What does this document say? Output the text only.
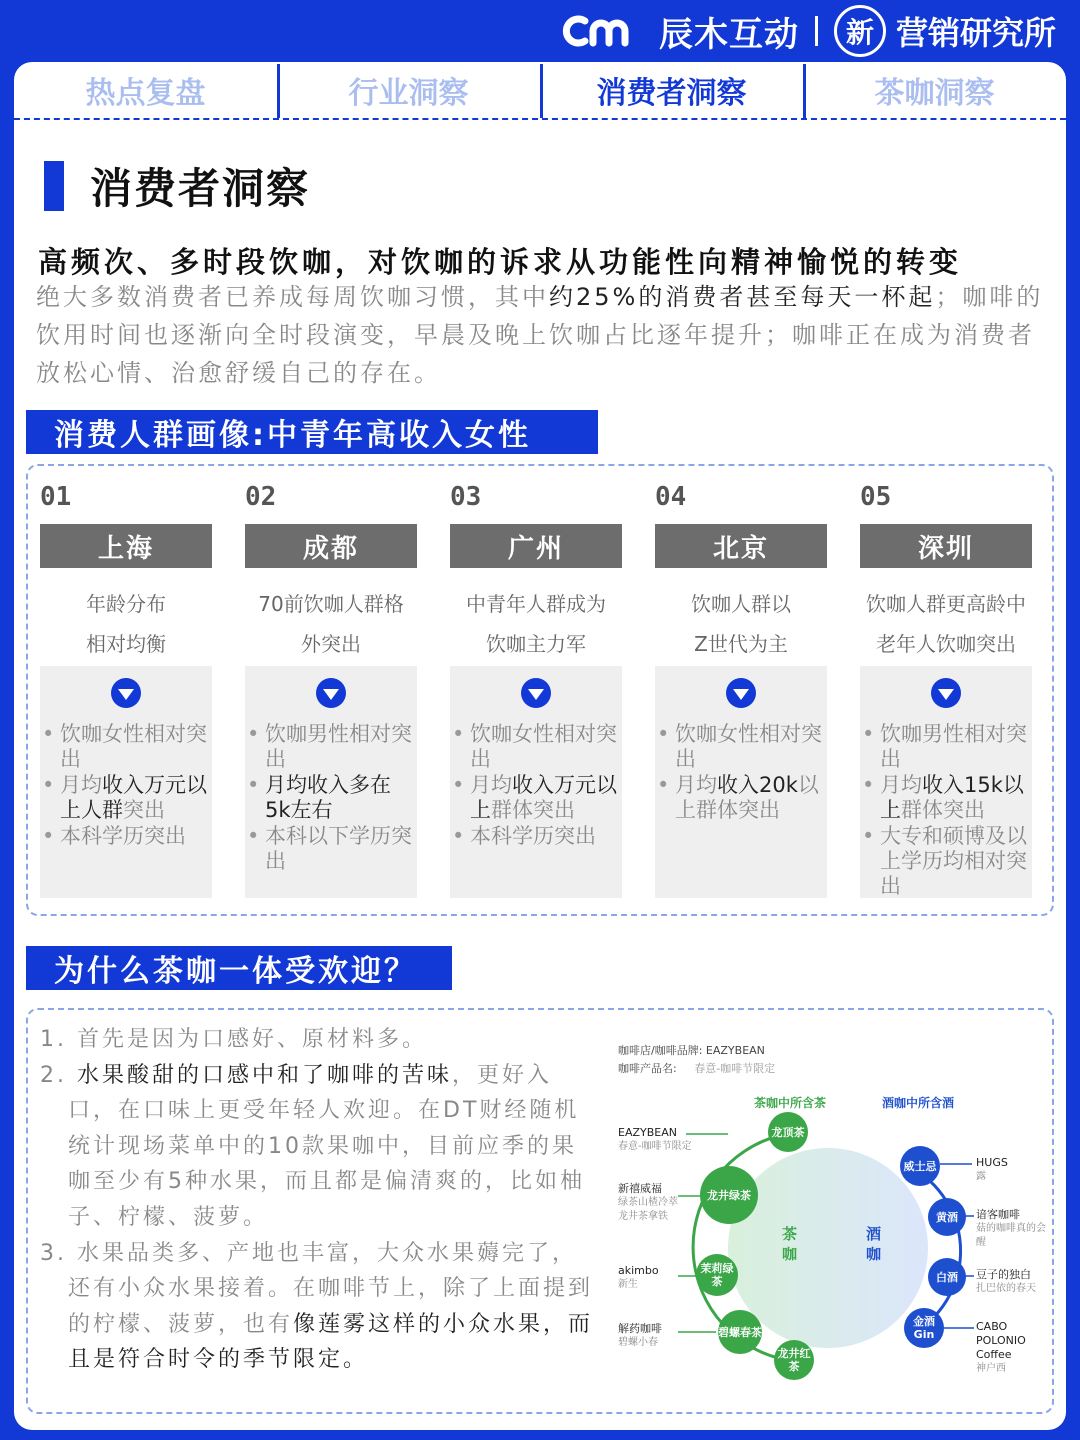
辰木互动	新 营销研究所
热点复盘	行业洞察	消费者洞察	茶咖洞察
消费者洞察
高频次、多时段饮咖，对饮咖的诉求从功能性向精神愉悦的转变
绝大多数消费者已养成每周饮咖习惯，其中约25%的消费者甚至每天一杯起；咖啡的饮用时间也逐渐向全时段演变，早晨及晚上饮咖占比逐年提升；咖啡正在成为消费者放松心情、治愈舒缓自己的存在。
消费人群画像:中青年高收入女性
01
上海
年龄分布
相对均衡
• 饮咖女性相对突出
• 月均收入万元以上人群突出
• 本科学历突出
02
成都
70前饮咖人群格
外突出
• 饮咖男性相对突出
• 月均收入多在5k左右
• 本科以下学历突出
03
广州
中青年人群成为
饮咖主力军
• 饮咖女性相对突出
• 月均收入万元以上群体突出
• 本科学历突出
04
北京
饮咖人群以
Z世代为主
• 饮咖女性相对突出
• 月均收入20k以上群体突出
05
深圳
饮咖人群更高龄中
老年人饮咖突出
• 饮咖男性相对突出
• 月均收入15k以上群体突出
• 大专和硕博及以上学历均相对突出
为什么茶咖一体受欢迎？

1. 首先是因为口感好、原材料多。

2. 水果酸甜的口感中和了咖啡的苦味，更好入口，在口味上更受年轻人欢迎。在DT财经随机统计现场菜单中的10款果咖中，目前应季的果咖至少有5种水果，而且都是偏清爽的，比如柚子、柠檬、菠萝。

3. 水果品类多、产地也丰富，大众水果薅完了，还有小众水果接着。在咖啡节上，除了上面提到的柠檬、菠萝，也有像莲雾这样的小众水果，而且是符合时令的季节限定。

咖啡店/咖啡品牌: EAZYBEAN
咖啡产品名: 春意-咖啡节限定
茶咖中所含茶	酒咖中所含酒
茶咖
酒咖
龙顶茶
龙井绿茶
茉莉绿茶
碧螺春茶
龙井红茶
威士忌
黄酒
白酒
金酒Gin
EAZYBEAN
春意-咖啡节限定
新禧威福
绿茶山楂冷萃 龙井茶拿铁
akimbo
新生
解药咖啡
碧螺小春
HUGS
露
谙客咖啡
菇的咖啡真的会醒
豆子的独白
扎巴依的春天
CABO POLONIO Coffee
神户西
